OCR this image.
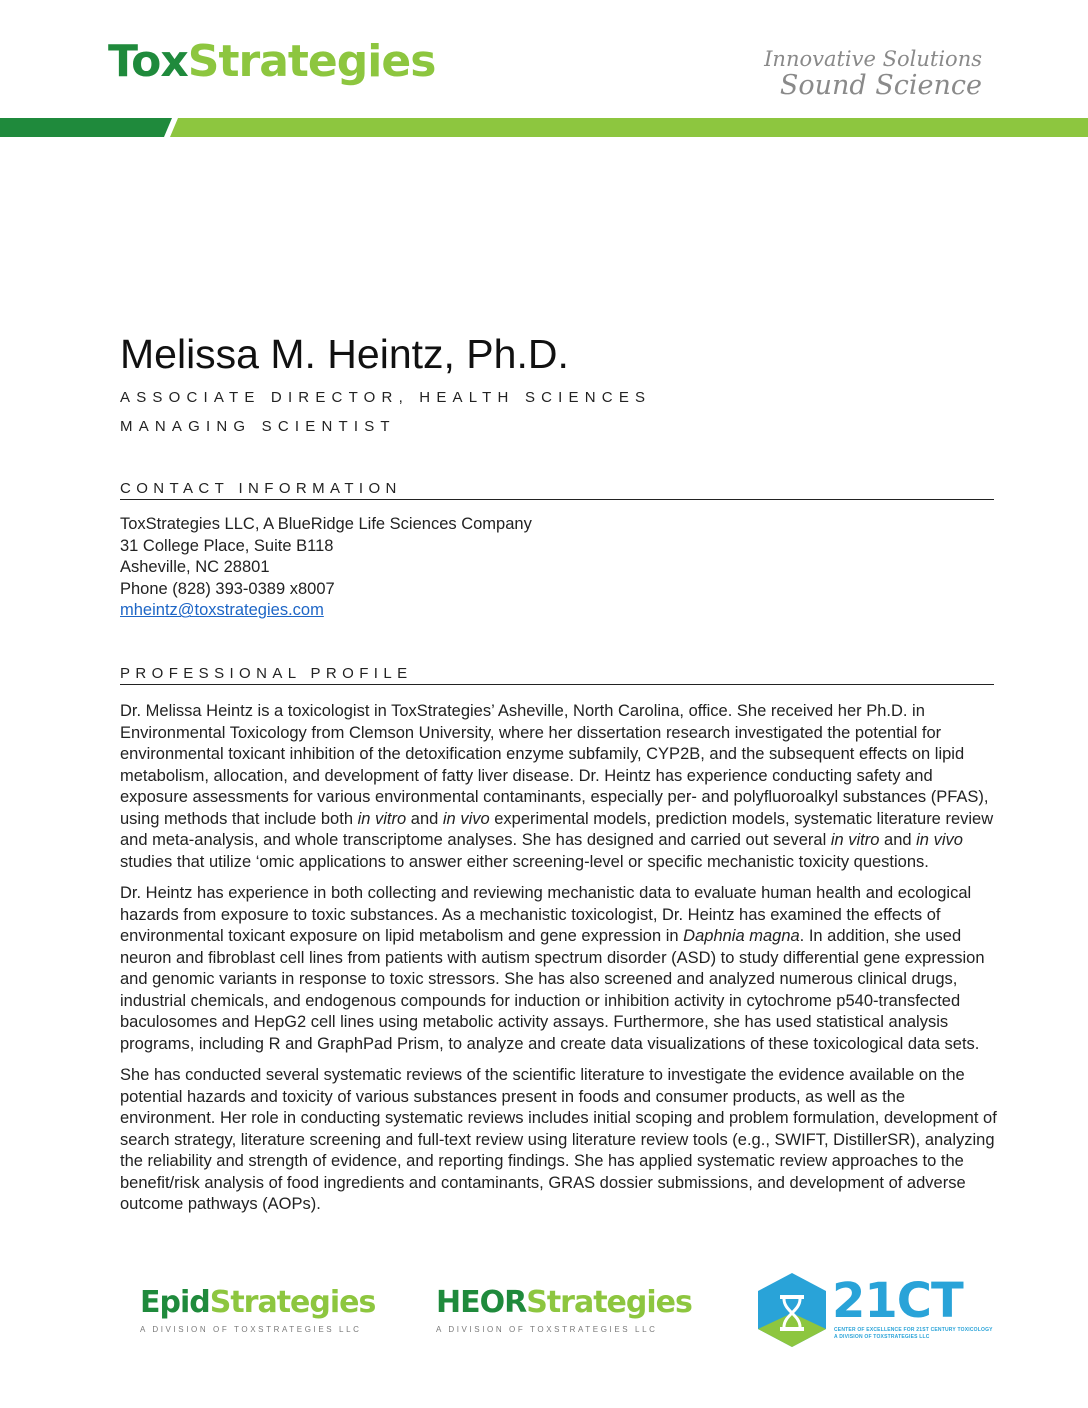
ToxStrategies	Innovative Solutions
Sound Science
Melissa M. Heintz, Ph.D.
ASSOCIATE DIRECTOR, HEALTH SCIENCES
MANAGING SCIENTIST
CONTACT INFORMATION
ToxStrategies LLC, A BlueRidge Life Sciences Company
31 College Place, Suite B118
Asheville, NC 28801
Phone (828) 393-0389 x8007
mheintz@toxstrategies.com
PROFESSIONAL PROFILE

Dr. Melissa Heintz is a toxicologist in ToxStrategies’ Asheville, North Carolina, office. She received her Ph.D. in Environmental Toxicology from Clemson University, where her dissertation research investigated the potential for environmental toxicant inhibition of the detoxification enzyme subfamily, CYP2B, and the subsequent effects on lipid metabolism, allocation, and development of fatty liver disease. Dr. Heintz has experience conducting safety and exposure assessments for various environmental contaminants, especially per- and polyfluoroalkyl substances (PFAS), using methods that include both in vitro and in vivo experimental models, prediction models, systematic literature review and meta-analysis, and whole transcriptome analyses. She has designed and carried out several in vitro and in vivo studies that utilize ‘omic applications to answer either screening-level or specific mechanistic toxicity questions.

Dr. Heintz has experience in both collecting and reviewing mechanistic data to evaluate human health and ecological hazards from exposure to toxic substances. As a mechanistic toxicologist, Dr. Heintz has examined the effects of environmental toxicant exposure on lipid metabolism and gene expression in Daphnia magna. In addition, she used neuron and fibroblast cell lines from patients with autism spectrum disorder (ASD) to study differential gene expression and genomic variants in response to toxic stressors. She has also screened and analyzed numerous clinical drugs, industrial chemicals, and endogenous compounds for induction or inhibition activity in cytochrome p540-transfected baculosomes and HepG2 cell lines using metabolic activity assays. Furthermore, she has used statistical analysis programs, including R and GraphPad Prism, to analyze and create data visualizations of these toxicological data sets.

She has conducted several systematic reviews of the scientific literature to investigate the evidence available on the potential hazards and toxicity of various substances present in foods and consumer products, as well as the environment. Her role in conducting systematic reviews includes initial scoping and problem formulation, development of search strategy, literature screening and full-text review using literature review tools (e.g., SWIFT, DistillerSR), analyzing the reliability and strength of evidence, and reporting findings. She has applied systematic review approaches to the benefit/risk analysis of food ingredients and contaminants, GRAS dossier submissions, and development of adverse outcome pathways (AOPs).

EpidStrategies
A DIVISION OF TOXSTRATEGIES LLC
HEORStrategies
A DIVISION OF TOXSTRATEGIES LLC
21CT
CENTER OF EXCELLENCE FOR 21ST CENTURY TOXICOLOGY
A DIVISION OF TOXSTRATEGIES LLC
